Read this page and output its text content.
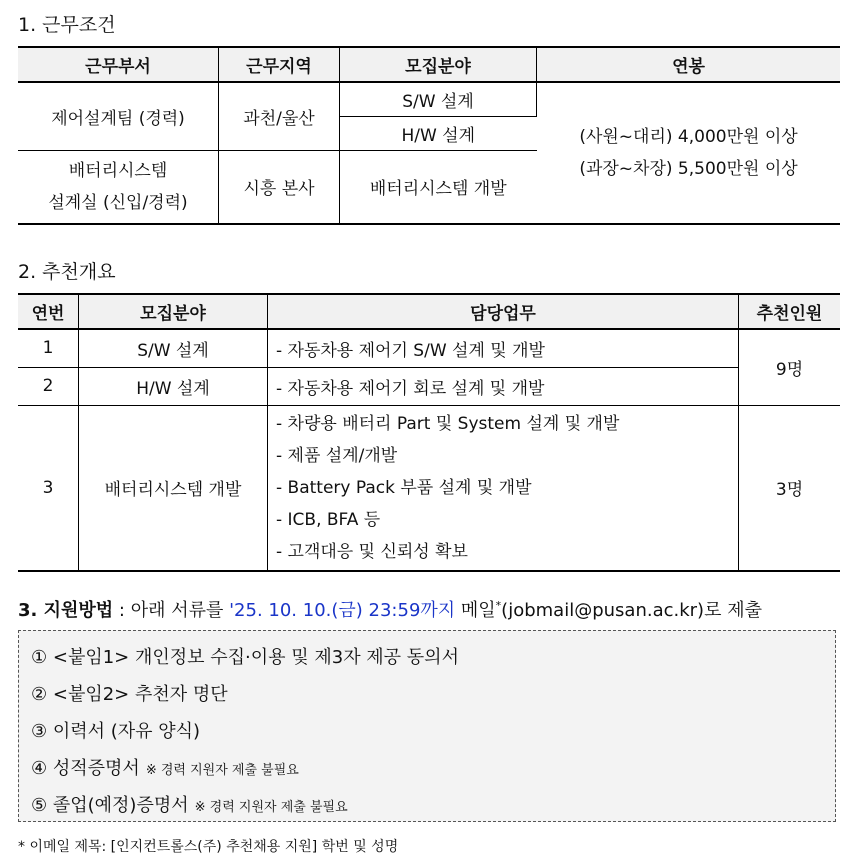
1. 근무조건
근무부서	근무지역	모집분야	연봉
제어설계팀 (경력)	과천/울산	S/W 설계	(사원~대리) 4,000만원 이상
(과장~차장) 5,500만원 이상

		H/W 설계	

배터리시스템
설계실 (신입/경력)	시흥 본사	배터리시스템 개발	
2. 추천개요
연번	모집분야	담당업무	추천인원
1	S/W 설계	- 자동차용 제어기 S/W 설계 및 개발	9명
2	H/W 설계	- 자동차용 제어기 회로 설계 및 개발	
3	배터리시스템 개발	- 차량용 배터리 Part 및 System 설계 및 개발
- 제품 설계/개발
- Battery Pack 부품 설계 및 개발
- ICB, BFA 등
- 고객대응 및 신뢰성 확보	3명
3. 지원방법 : 아래 서류를 '25. 10. 10.(금) 23:59까지 메일*(jobmail@pusan.ac.kr)로 제출
① <붙임1> 개인정보 수집·이용 및 제3자 제공 동의서
② <붙임2> 추천자 명단
③ 이력서 (자유 양식)
④ 성적증명서 ※ 경력 지원자 제출 불필요
⑤ 졸업(예정)증명서 ※ 경력 지원자 제출 불필요
* 이메일 제목: [인지컨트롤스(주) 추천채용 지원] 학번 및 성명
